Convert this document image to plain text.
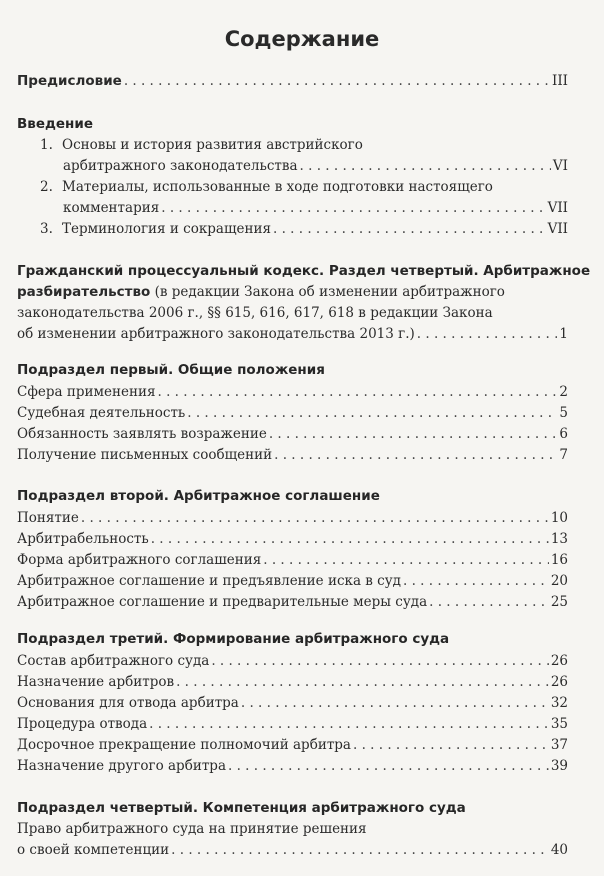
Содержание
Предисловие . . .	III
Введение
1. Основы и история развития австрийского
арбитражного законодательства . . .	VI
2. Материалы, использованные в ходе подготовки настоящего
комментария . . .	VII
3. Терминология и сокращения . . .	VII
Гражданский процессуальный кодекс. Раздел четвертый. Арбитражное
разбирательство (в редакции Закона об изменении арбитражного
законодательства 2006 г., §§ 615, 616, 617, 618 в редакции Закона
об изменении арбитражного законодательства 2013 г.) . . .	1
Подраздел первый. Общие положения
Сфера применения . . .	2
Судебная деятельность . . .	5
Обязанность заявлять возражение . . .	6
Получение письменных сообщений . . .	7
Подраздел второй. Арбитражное соглашение
Понятие . . .	10
Арбитрабельность . . .	13
Форма арбитражного соглашения . . .	16
Арбитражное соглашение и предъявление иска в суд . . .	20
Арбитражное соглашение и предварительные меры суда . . .	25
Подраздел третий. Формирование арбитражного суда
Состав арбитражного суда . . .	26
Назначение арбитров . . .	26
Основания для отвода арбитра . . .	32
Процедура отвода . . .	35
Досрочное прекращение полномочий арбитра . . .	37
Назначение другого арбитра . . .	39
Подраздел четвертый. Компетенция арбитражного суда
Право арбитражного суда на принятие решения
о своей компетенции . . .	40
